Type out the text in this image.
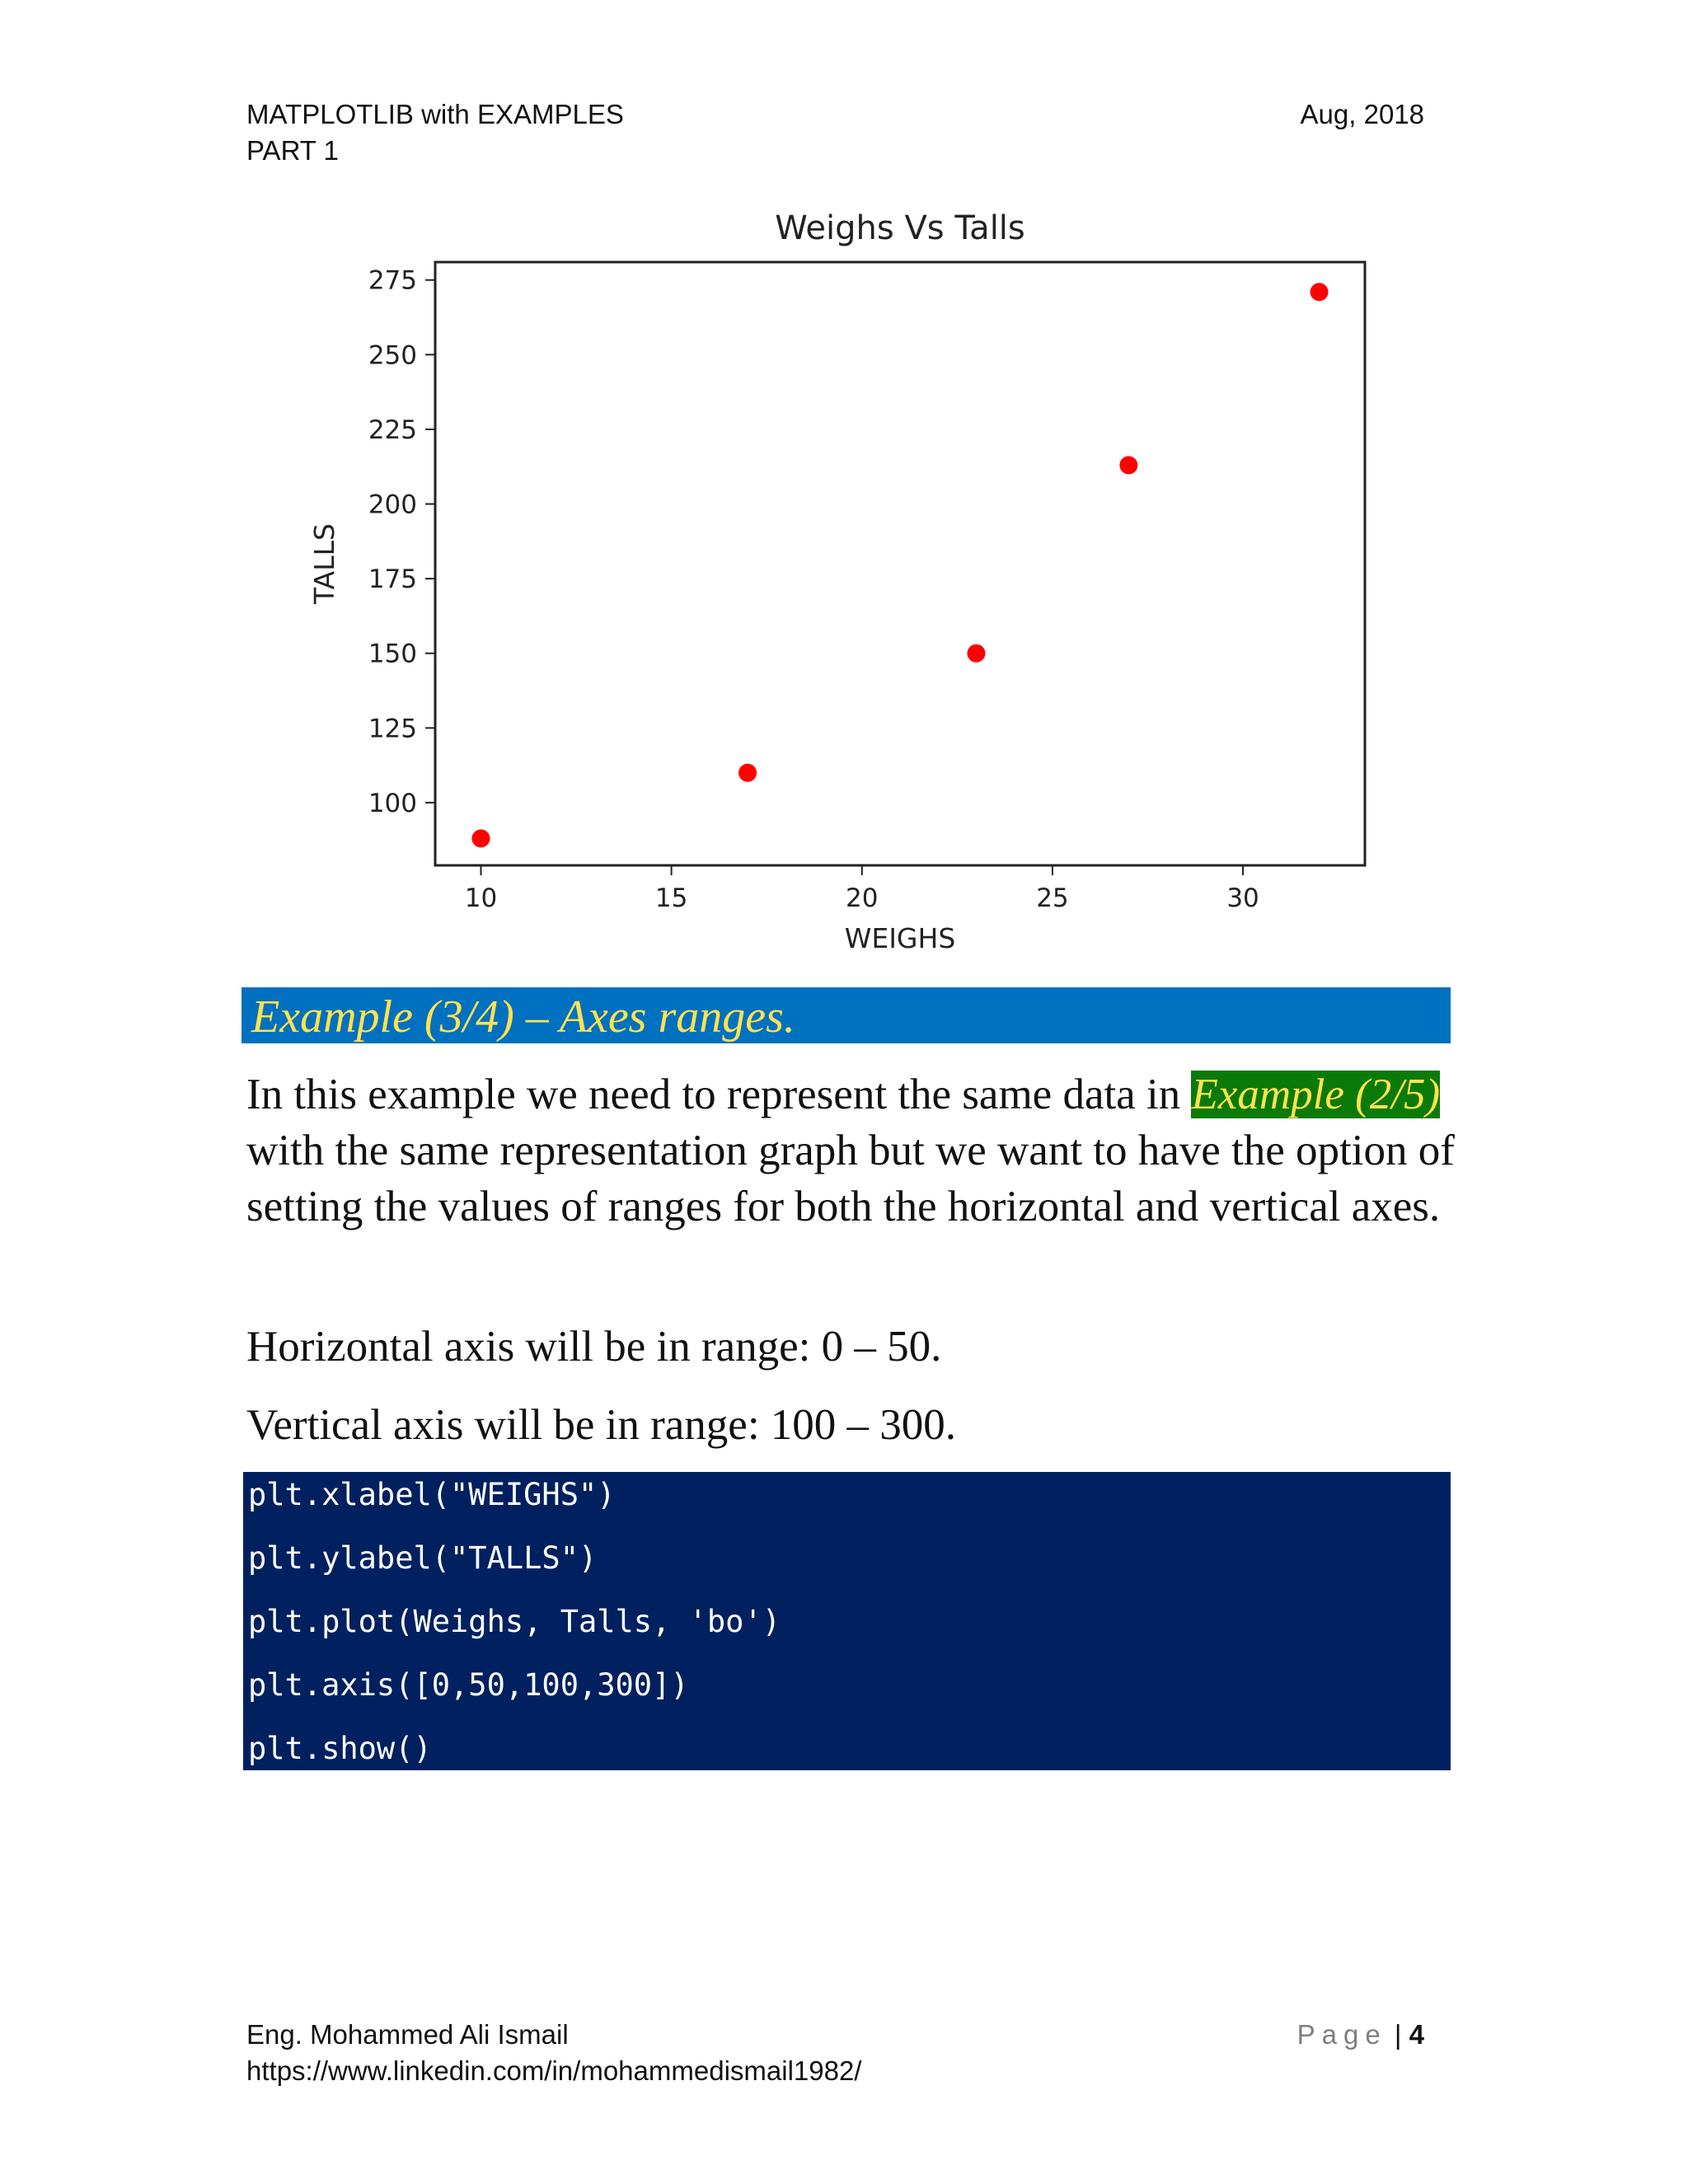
MATPLOTLIB with EXAMPLES
PART 1
Aug, 2018
Weighs Vs Talls
10	15	20	25	30
100
125
150
175
200
225
250
275
WEIGHS
TALLS
Example (3/4) – Axes ranges.

In this example we need to represent the same data in Example (2/5) with the same representation graph but we want to have the option of setting the values of ranges for both the horizontal and vertical axes.

Horizontal axis will be in range: 0 – 50.

Vertical axis will be in range: 100 – 300.

plt.xlabel("WEIGHS")
plt.ylabel("TALLS")
plt.plot(Weighs, Talls, 'bo')
plt.axis([0,50,100,300])
plt.show()
Eng. Mohammed Ali Ismail
https://www.linkedin.com/in/mohammedismail1982/
Page | 4
